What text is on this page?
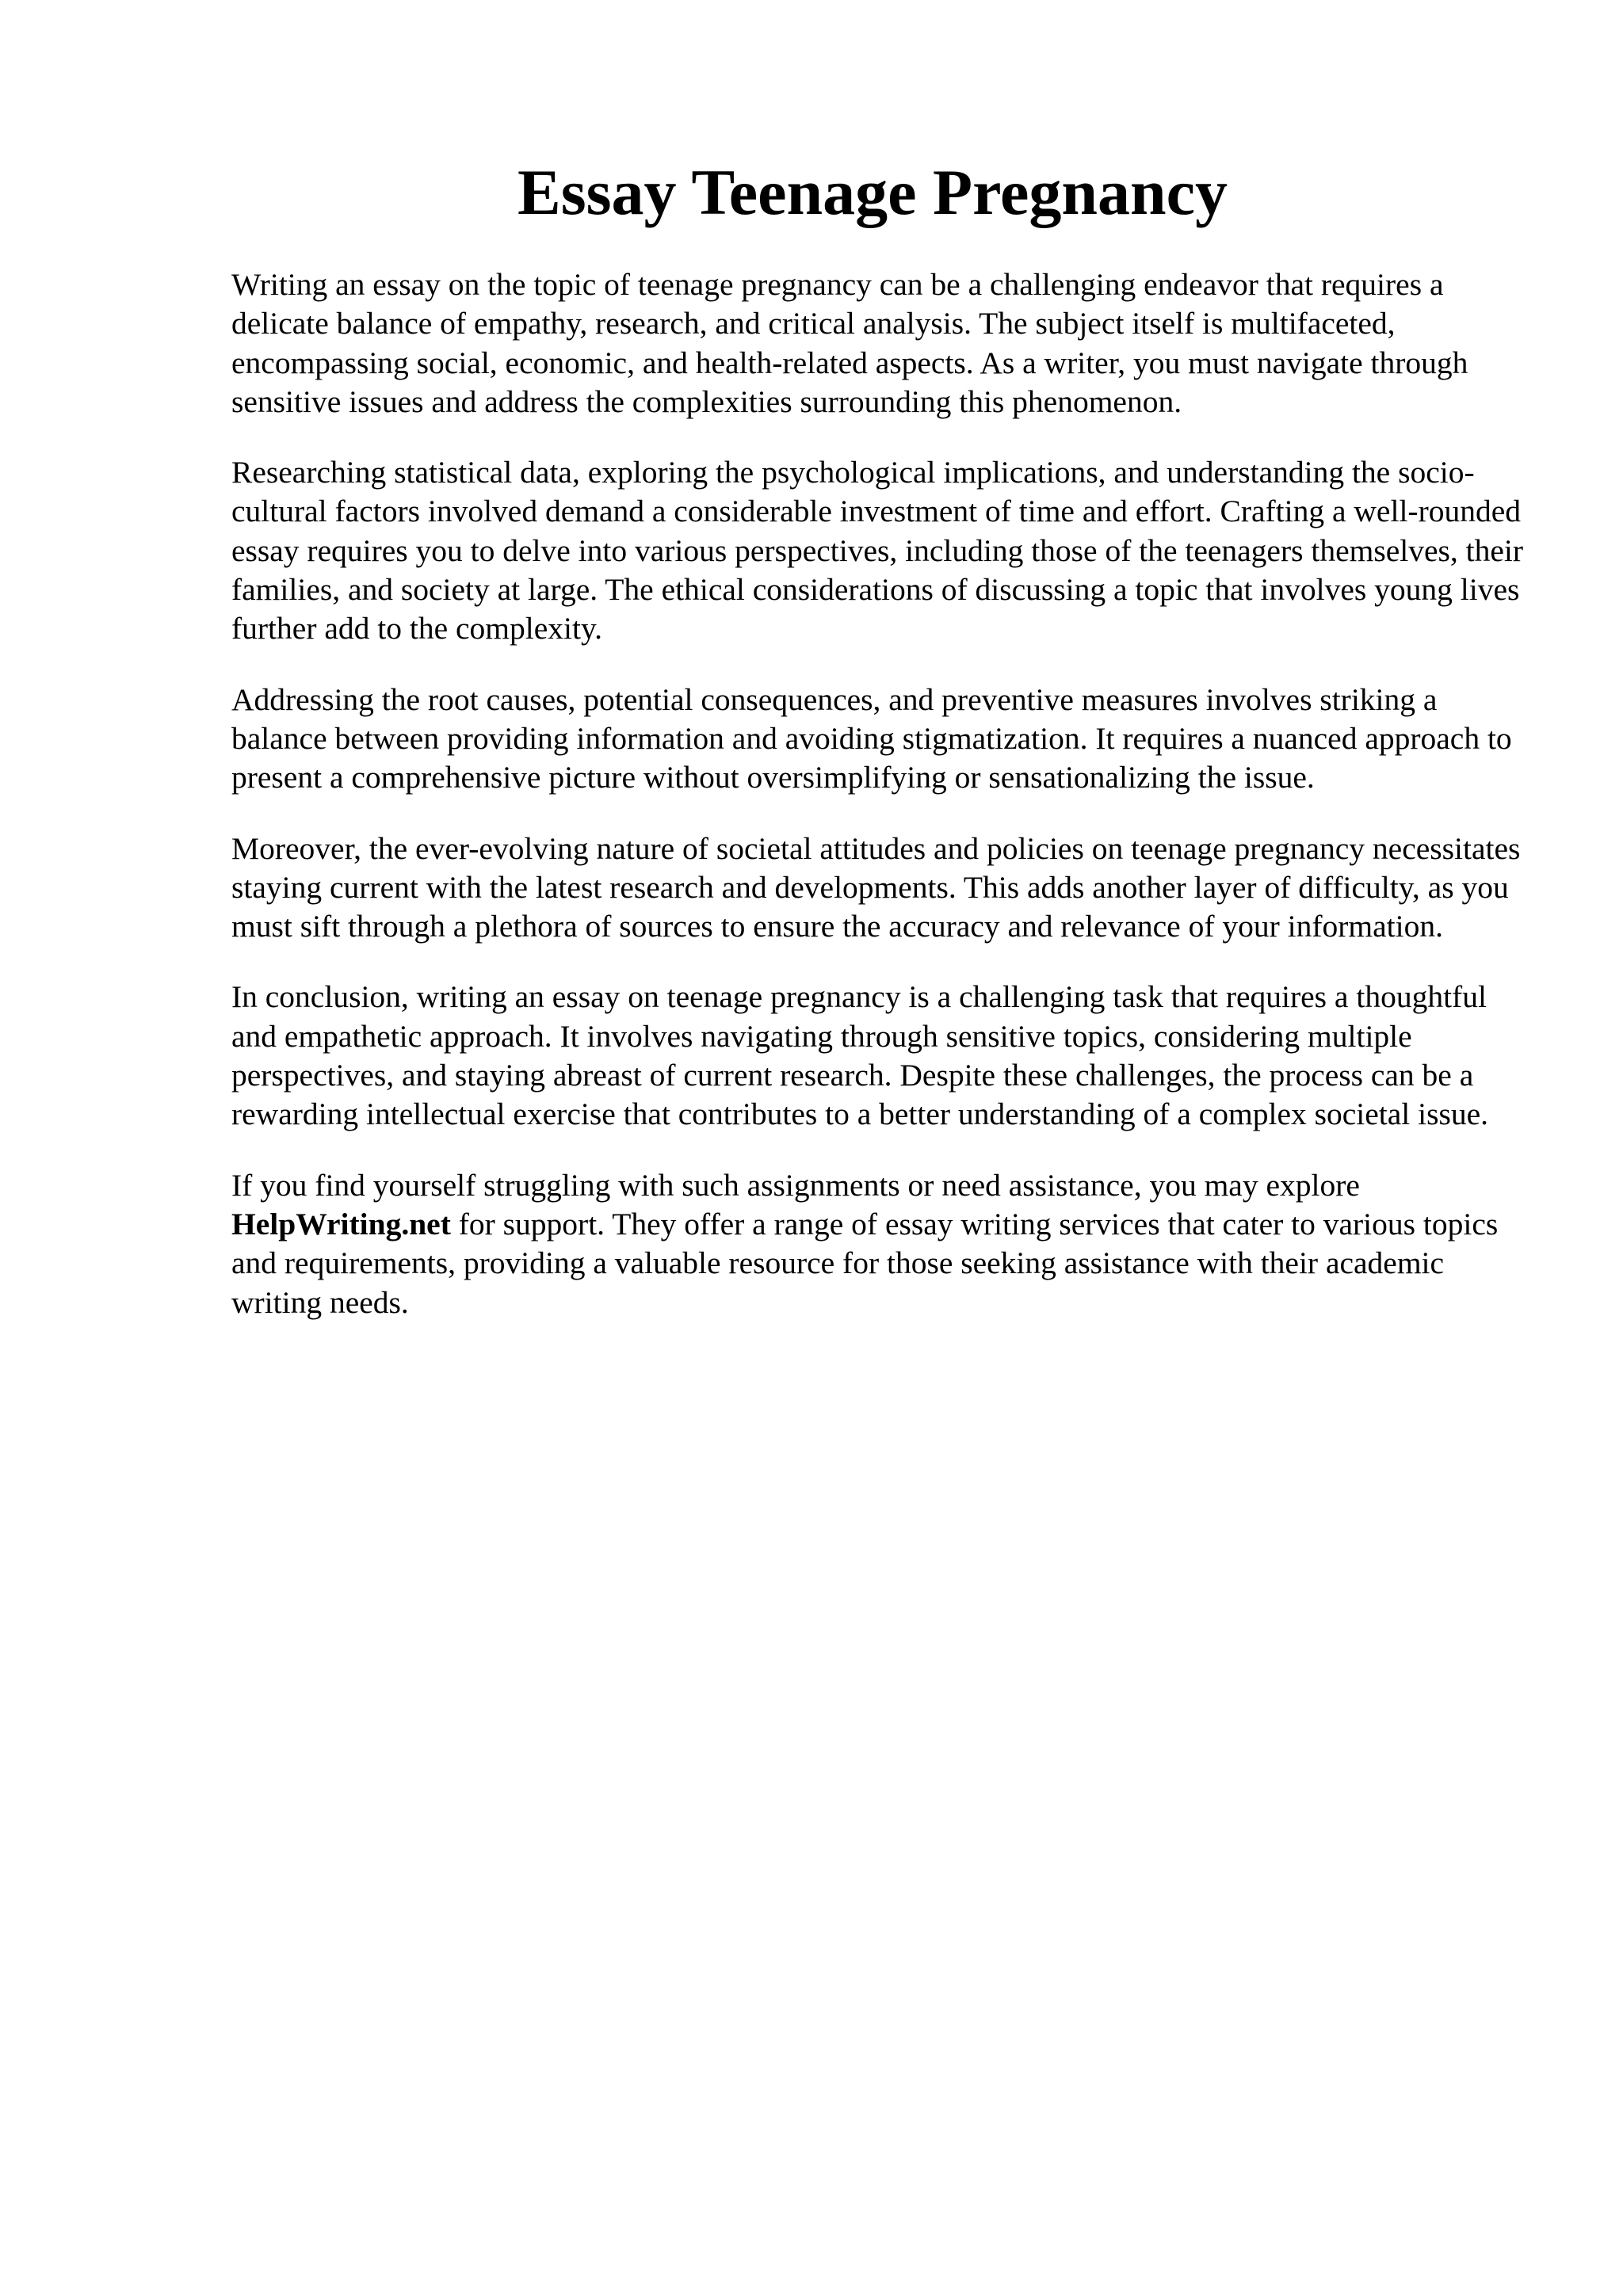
Essay Teenage Pregnancy

Writing an essay on the topic of teenage pregnancy can be a challenging endeavor that requires a delicate balance of empathy, research, and critical analysis. The subject itself is multifaceted, encompassing social, economic, and health-related aspects. As a writer, you must navigate through sensitive issues and address the complexities surrounding this phenomenon.

Researching statistical data, exploring the psychological implications, and understanding the socio-cultural factors involved demand a considerable investment of time and effort. Crafting a well-rounded essay requires you to delve into various perspectives, including those of the teenagers themselves, their families, and society at large. The ethical considerations of discussing a topic that involves young lives further add to the complexity.

Addressing the root causes, potential consequences, and preventive measures involves striking a balance between providing information and avoiding stigmatization. It requires a nuanced approach to present a comprehensive picture without oversimplifying or sensationalizing the issue.

Moreover, the ever-evolving nature of societal attitudes and policies on teenage pregnancy necessitates staying current with the latest research and developments. This adds another layer of difficulty, as you must sift through a plethora of sources to ensure the accuracy and relevance of your information.

In conclusion, writing an essay on teenage pregnancy is a challenging task that requires a thoughtful and empathetic approach. It involves navigating through sensitive topics, considering multiple perspectives, and staying abreast of current research. Despite these challenges, the process can be a rewarding intellectual exercise that contributes to a better understanding of a complex societal issue.

If you find yourself struggling with such assignments or need assistance, you may explore HelpWriting.net for support. They offer a range of essay writing services that cater to various topics and requirements, providing a valuable resource for those seeking assistance with their academic writing needs.
